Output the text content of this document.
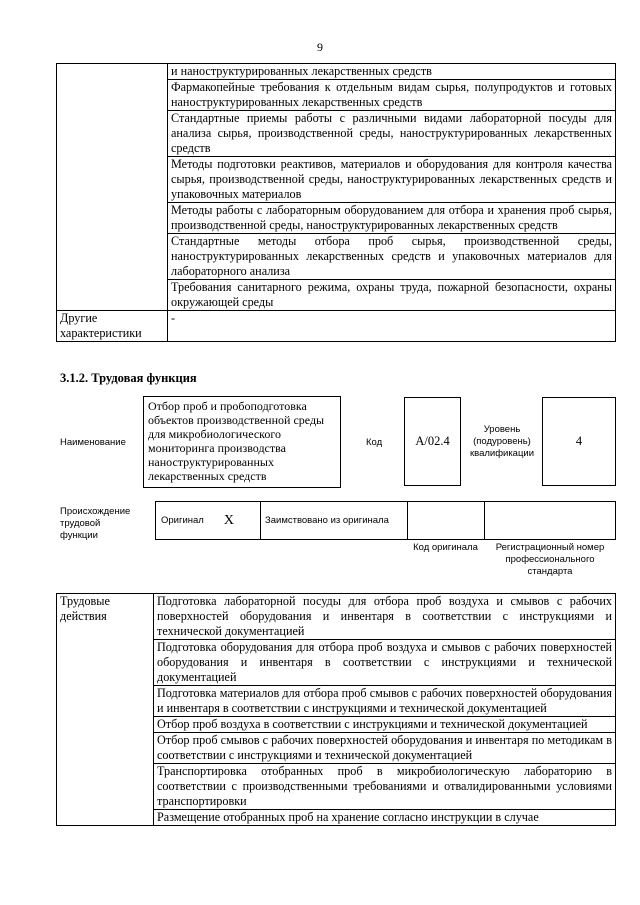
9
	и наноструктурированных лекарственных средств
	Фармакопейные требования к отдельным видам сырья, полупродуктов и готовых наноструктурированных лекарственных средств
	Стандартные приемы работы с различными видами лабораторной посуды для анализа сырья, производственной среды, наноструктурированных лекарственных средств
	Методы подготовки реактивов, материалов и оборудования для контроля качества сырья, производственной среды, наноструктурированных лекарственных средств и упаковочных материалов
	Методы работы с лабораторным оборудованием для отбора и хранения проб сырья, производственной среды, наноструктурированных лекарственных средств
	Стандартные методы отбора проб сырья, производственной среды, наноструктурированных лекарственных средств и упаковочных материалов для лабораторного анализа
	Требования санитарного режима, охраны труда, пожарной безопасности, охраны окружающей среды
Другие характеристики	-
3.1.2. Трудовая функция
Наименование
Отбор проб и пробоподготовка объектов производственной среды для микробиологического мониторинга производства наноструктурированных лекарственных средств
Код	А/02.4
Уровень (подуровень) квалификации
4
Происхождение трудовой функции
Оригинал X	Заимствовано из оригинала
Код оригинала	Регистрационный номер профессионального стандарта
Трудовые действия	Подготовка лабораторной посуды для отбора проб воздуха и смывов с рабочих поверхностей оборудования и инвентаря в соответствии с инструкциями и технической документацией
Подготовка оборудования для отбора проб воздуха и смывов с рабочих поверхностей оборудования и инвентаря в соответствии с инструкциями и технической документацией
Подготовка материалов для отбора проб смывов с рабочих поверхностей оборудования и инвентаря в соответствии с инструкциями и технической документацией
Отбор проб воздуха в соответствии с инструкциями и технической документацией
Отбор проб смывов с рабочих поверхностей оборудования и инвентаря по методикам в соответствии с инструкциями и технической документацией
Транспортировка отобранных проб в микробиологическую лабораторию в соответствии с производственными требованиями и отвалидированными условиями транспортировки
Размещение отобранных проб на хранение согласно инструкции в случае
